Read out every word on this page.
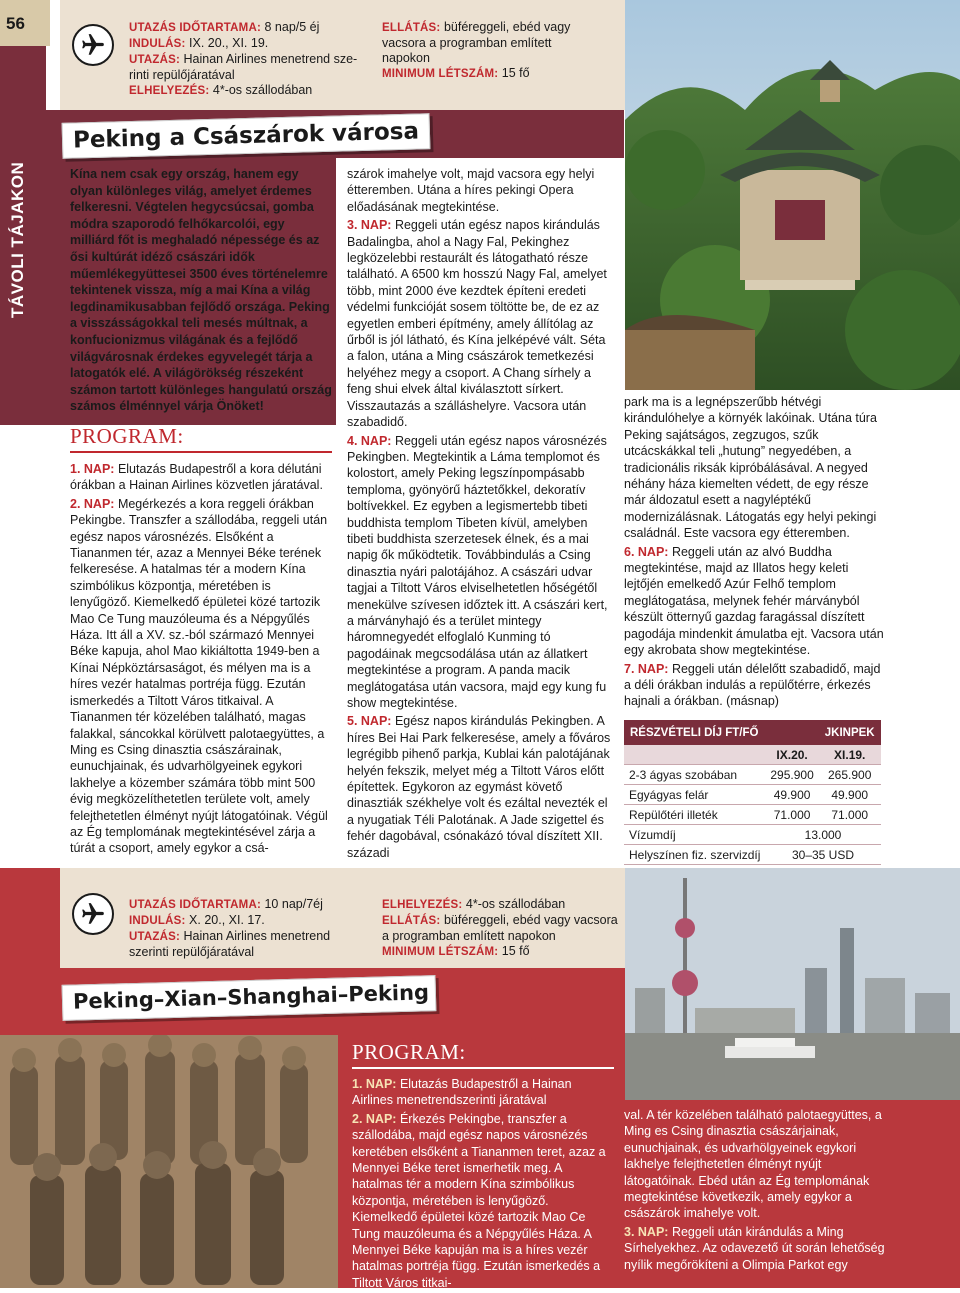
56
TÁVOLI TÁJAKON

UTAZÁS IDŐTARTAMA: 8 nap/5 éj

INDULÁS: IX. 20., XI. 19.

UTAZÁS: Hainan Airlines menetrend sze-

rinti repülőjáratával

ELHELYEZÉS: 4*-os szállodában

ELLÁTÁS: büféreggeli, ebéd vagy

vacsora a programban említett

napokon

MINIMUM LÉTSZÁM: 15 fő

Peking a Császárok városa
Kína nem csak egy ország, hanem egy olyan különleges világ, amelyet érdemes felkeresni. Végtelen hegycsúcsai, gomba módra szaporodó felhőkarcolói, egy milliárd főt is meghaladó népessége és az ősi kultúrát idéző császári idők műemlékegyüttesei 3500 éves történelemre tekintenek vissza, míg a mai Kína a világ legdinamikusabban fejlődő országa. Peking a visszásságokkal teli mesés múltnak, a konfucionizmus világának és a fejlődő világvárosnak érdekes egyvelegét tárja a latogatók elé. A világörökség részeként számon tartott különleges hangulatú ország számos élménnyel várja Önöket!
PROGRAM:

1. NAP: Elutazás Budapestről a kora délutáni órákban a Hainan Airlines közvetlen járatával.

2. NAP: Megérkezés a kora reggeli órákban Pekingbe. Transzfer a szállodába, reggeli után egész napos városnézés. Elsőként a Tiananmen tér, azaz a Mennyei Béke terének felkeresése. A hatalmas tér a modern Kína szimbólikus központja, méretében is lenyűgöző. Kiemelkedő épületei közé tartozik Mao Ce Tung mauzóleuma és a Népgyűlés Háza. Itt áll a XV. sz.-ból származó Mennyei Béke kapuja, ahol Mao kikiáltotta 1949-ben a Kínai Népköztársaságot, és mélyen ma is a híres vezér hatalmas portréja függ. Ezután ismerkedés a Tiltott Város titkaival. A Tiananmen tér közelében található, magas falakkal, sáncokkal körülvett palotaegyüttes, a Ming es Csing dinasztia császárainak, eunuchjainak, és udvarhölgyeinek egykori lakhelye a közember számára több mint 500 évig megközelíthetetlen területe volt, amely felejthetetlen élményt nyújt látogatóinak. Végül az Ég templomának megtekintésével zárja a túrát a csoport, amely egykor a csá-

szárok imahelye volt, majd vacsora egy helyi étteremben. Utána a híres pekingi Opera előadásának megtekintése.

3. NAP: Reggeli után egész napos kirándulás Badalingba, ahol a Nagy Fal, Pekinghez legközelebbi restaurált és látogatható része található. A 6500 km hosszú Nagy Fal, amelyet több, mint 2000 éve kezdtek építeni eredeti védelmi funkcióját sosem töltötte be, de ez az egyetlen emberi építmény, amely állítólag az űrből is jól látható, és Kína jelképévé vált. Séta a falon, utána a Ming császárok temetkezési helyéhez megy a csoport. A Chang sírhely a feng shui elvek által kiválasztott sírkert. Visszautazás a szálláshelyre. Vacsora után szabadidő.

4. NAP: Reggeli után egész napos városnézés Pekingben. Megtekintik a Láma templomot és kolostort, amely Peking legszínpompásabb temploma, gyönyörű háztetőkkel, dekoratív boltívekkel. Ez egyben a legismertebb tibeti buddhista templom Tibeten kívül, amelyben tibeti buddhista szerzetesek élnek, és a mai napig ők működtetik. Továbbindulás a Csing dinasztia nyári palotájához. A császári udvar tagjai a Tiltott Város elviselhetetlen hőségétől menekülve szívesen időztek itt. A császári kert, a márványhajó és a terület mintegy háromnegyedét elfoglaló Kunming tó pagodáinak megcsodálása után az állatkert megtekintése a program. A panda macik meglátogatása után vacsora, majd egy kung fu show megtekintése.

5. NAP: Egész napos kirándulás Pekingben. A híres Bei Hai Park felkeresése, amely a főváros legrégibb pihenő parkja, Kublai kán palotájának helyén fekszik, melyet még a Tiltott Város előtt építettek. Egykoron az egymást követő dinasztiák székhelye volt és ezáltal nevezték el a nyugatiak Téli Palotának. A Jade szigettel és fehér dagobával, csónakázó tóval díszített XII. századi

park ma is a legnépszerűbb hétvégi kirándulóhelye a környék lakóinak. Utána túra Peking sajátságos, zegzugos, szűk utcácskákkal teli „hutung” negyedében, a tradicionális riksák kipróbálásával. A negyed néhány háza kiemelten védett, de egy része már áldozatul esett a nagyléptékű modernizálásnak. Látogatás egy helyi pekingi családnál. Este vacsora egy étteremben.

6. NAP: Reggeli után az alvó Buddha megtekintése, majd az Illatos hegy keleti lejtőjén emelkedő Azúr Felhő templom meglátogatása, melynek fehér márványból készült ötternyű gazdag faragással díszített pagodája mindenkit ámulatba ejt. Vacsora után egy akrobata show megtekintése.

7. NAP: Reggeli után délelőtt szabadidő, majd a déli órákban indulás a repülőtérre, érkezés hajnali a órákban. (másnap)

RÉSZVÉTELI DÍJ FT/FŐ		JKINPEK
	IX.20.	XI.19.
2-3 ágyas szobában	295.900	265.900
Egyágyas felár	49.900	49.900
Repülőtéri illeték	71.000	71.000
Vízumdíj	13.000	
Helyszínen fiz. szervizdíj	30–35 USD	

UTAZÁS IDŐTARTAMA: 10 nap/7éj

INDULÁS: X. 20., XI. 17.

UTAZÁS: Hainan Airlines menetrend

szerinti repülőjáratával

ELHELYEZÉS: 4*-os szállodában

ELLÁTÁS: büféreggeli, ebéd vagy vacsora

a programban említett napokon

MINIMUM LÉTSZÁM: 15 fő

Peking–Xian–Shanghai–Peking
PROGRAM:

1. NAP: Elutazás Budapestről a Hainan Airlines menetrendszerinti járatával

2. NAP: Érkezés Pekingbe, transzfer a szállodába, majd egész napos városnézés keretében elsőként a Tiananmen teret, azaz a Mennyei Béke teret ismerhetik meg. A hatalmas tér a modern Kína szimbólikus központja, méretében is lenyűgöző. Kiemelkedő épületei közé tartozik Mao Ce Tung mauzóleuma és a Népgyűlés Háza. A Mennyei Béke kapuján ma is a híres vezér hatalmas portréja függ. Ezután ismerkedés a Tiltott Város titkai-

val. A tér közelében található palotaegyüttes, a Ming es Csing dinasztia császárjainak, eunuchjainak, és udvarhölgyeinek egykori lakhelye felejthetetlen élményt nyújt látogatóinak. Ebéd után az Ég templomának megtekintése következik, amely egykor a császárok imahelye volt.

3. NAP: Reggeli után kirándulás a Ming Sírhelyekhez. Az odavezető út során lehetőség nyílik megőrökíteni a Olimpia Parkot egy
